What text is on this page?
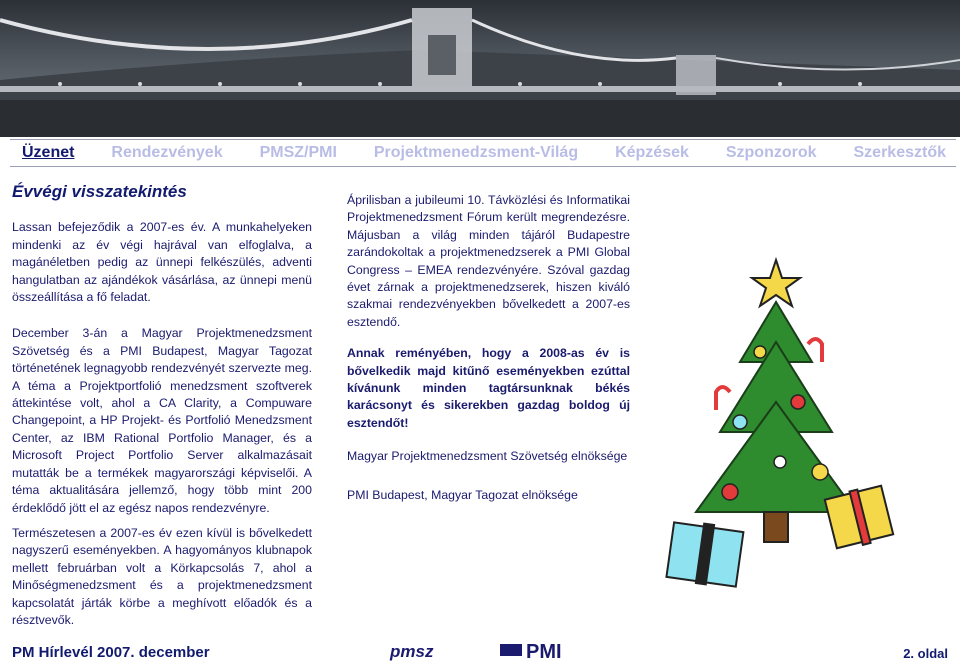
Üzenet Rendezvények PMSZ/PMI Projektmenedzsment-Világ Képzések Szponzorok Szerkesztők
Évvégi visszatekintés

Lassan befejeződik a 2007-es év. A munkahelyeken mindenki az év végi hajrával van elfoglalva, a magánéletben pedig az ünnepi felkészülés, adventi hangulatban az ajándékok vásárlása, az ünnepi menü összeállítása a fő feladat.

December 3-án a Magyar Projektmenedzsment Szövetség és a PMI Budapest, Magyar Tagozat történetének legnagyobb rendezvényét szervezte meg. A téma a Projektportfolió menedzsment szoftverek áttekintése volt, ahol a CA Clarity, a Compuware Changepoint, a HP Projekt- és Portfolió Menedzsment Center, az IBM Rational Portfolio Manager, és a Microsoft Project Portfolio Server alkalmazásait mutatták be a termékek magyarországi képviselői. A téma aktualitására jellemző, hogy több mint 200 érdeklődő jött el az egész napos rendezvényre.

Természetesen a 2007-es év ezen kívül is bővelkedett nagyszerű eseményekben. A hagyományos klubnapok mellett februárban volt a Körkapcsolás 7, ahol a Minőségmenedzsment és a projektmenedzsment kapcsolatát járták körbe a meghívott előadók és a résztvevők.

Áprilisban a jubileumi 10. Távközlési és Informatikai Projektmenedzsment Fórum került megrendezésre. Májusban a világ minden tájáról Budapestre zarándokoltak a projektmenedzserek a PMI Global Congress – EMEA rendezvényére. Szóval gazdag évet zárnak a projektmenedzserek, hiszen kiváló szakmai rendezvényekben bővelkedett a 2007-es esztendő.

Annak reményében, hogy a 2008-as év is bővelkedik majd kitűnő eseményekben ezúttal kívánunk minden tagtársunknak békés karácsonyt és sikerekben gazdag boldog új esztendőt!

Magyar Projektmenedzsment Szövetség elnöksége

PMI Budapest, Magyar Tagozat elnöksége

PM Hírlevél 2007. december	pmsz	PMI	2. oldal
